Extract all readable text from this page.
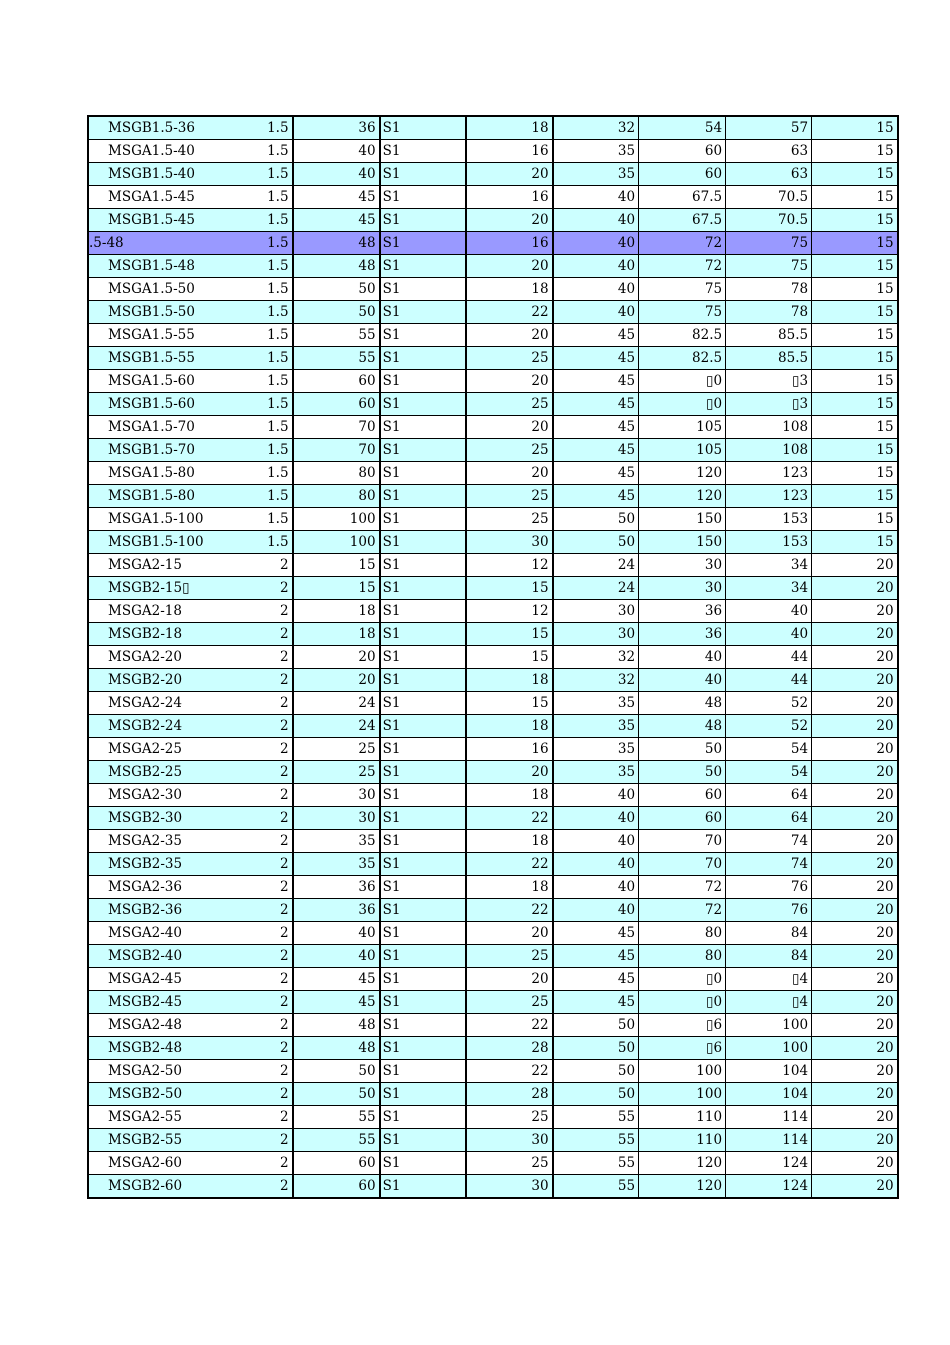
MSGB1.5-36	1.5	36	S1	18	32	54	57	15
MSGA1.5-40	1.5	40	S1	16	35	60	63	15
MSGB1.5-40	1.5	40	S1	20	35	60	63	15
MSGA1.5-45	1.5	45	S1	16	40	67.5	70.5	15
MSGB1.5-45	1.5	45	S1	20	40	67.5	70.5	15
.5-48	1.5	48	S1	16	40	72	75	15
MSGB1.5-48	1.5	48	S1	20	40	72	75	15
MSGA1.5-50	1.5	50	S1	18	40	75	78	15
MSGB1.5-50	1.5	50	S1	22	40	75	78	15
MSGA1.5-55	1.5	55	S1	20	45	82.5	85.5	15
MSGB1.5-55	1.5	55	S1	25	45	82.5	85.5	15
MSGA1.5-60	1.5	60	S1	20	45	▯0	▯3	15
MSGB1.5-60	1.5	60	S1	25	45	▯0	▯3	15
MSGA1.5-70	1.5	70	S1	20	45	105	108	15
MSGB1.5-70	1.5	70	S1	25	45	105	108	15
MSGA1.5-80	1.5	80	S1	20	45	120	123	15
MSGB1.5-80	1.5	80	S1	25	45	120	123	15
MSGA1.5-100	1.5	100	S1	25	50	150	153	15
MSGB1.5-100	1.5	100	S1	30	50	150	153	15
MSGA2-15	2	15	S1	12	24	30	34	20
MSGB2-15▯	2	15	S1	15	24	30	34	20
MSGA2-18	2	18	S1	12	30	36	40	20
MSGB2-18	2	18	S1	15	30	36	40	20
MSGA2-20	2	20	S1	15	32	40	44	20
MSGB2-20	2	20	S1	18	32	40	44	20
MSGA2-24	2	24	S1	15	35	48	52	20
MSGB2-24	2	24	S1	18	35	48	52	20
MSGA2-25	2	25	S1	16	35	50	54	20
MSGB2-25	2	25	S1	20	35	50	54	20
MSGA2-30	2	30	S1	18	40	60	64	20
MSGB2-30	2	30	S1	22	40	60	64	20
MSGA2-35	2	35	S1	18	40	70	74	20
MSGB2-35	2	35	S1	22	40	70	74	20
MSGA2-36	2	36	S1	18	40	72	76	20
MSGB2-36	2	36	S1	22	40	72	76	20
MSGA2-40	2	40	S1	20	45	80	84	20
MSGB2-40	2	40	S1	25	45	80	84	20
MSGA2-45	2	45	S1	20	45	▯0	▯4	20
MSGB2-45	2	45	S1	25	45	▯0	▯4	20
MSGA2-48	2	48	S1	22	50	▯6	100	20
MSGB2-48	2	48	S1	28	50	▯6	100	20
MSGA2-50	2	50	S1	22	50	100	104	20
MSGB2-50	2	50	S1	28	50	100	104	20
MSGA2-55	2	55	S1	25	55	110	114	20
MSGB2-55	2	55	S1	30	55	110	114	20
MSGA2-60	2	60	S1	25	55	120	124	20
MSGB2-60	2	60	S1	30	55	120	124	20
